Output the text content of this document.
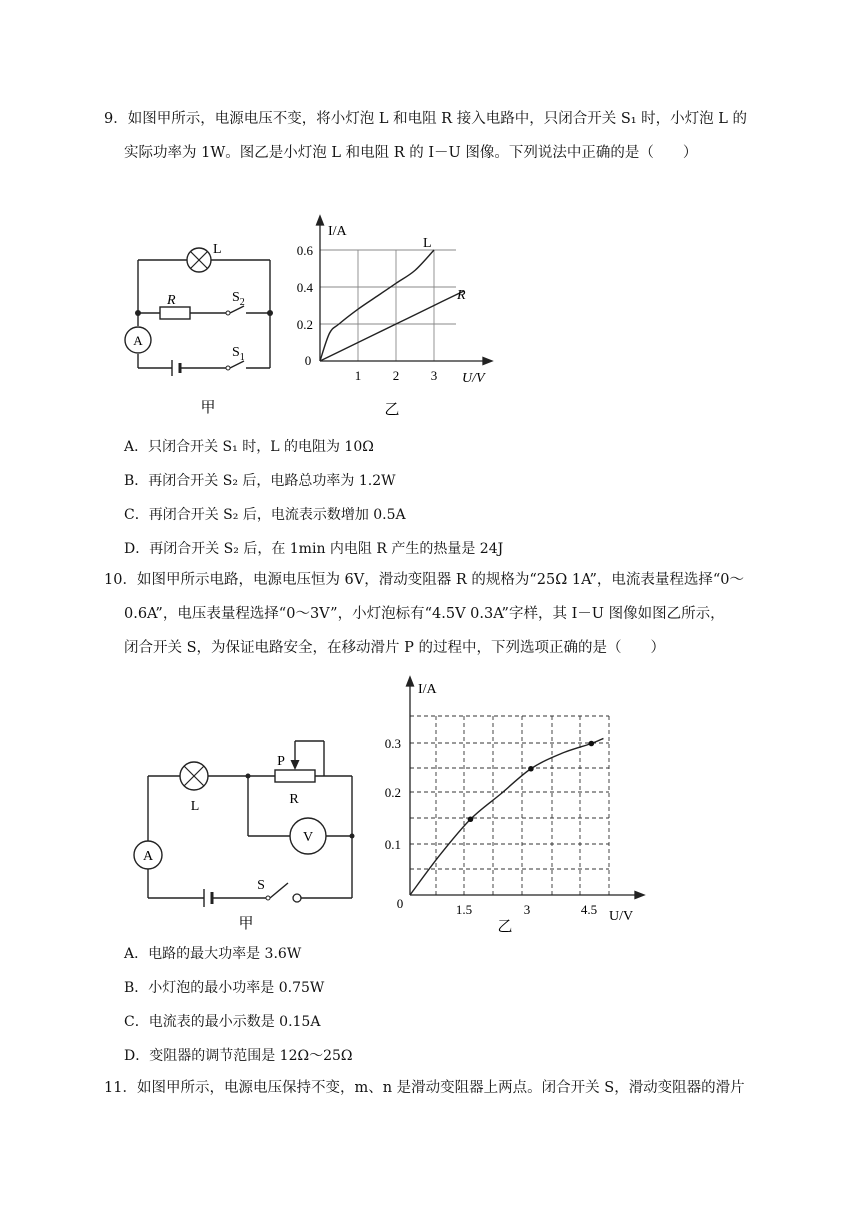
9．如图甲所示，电源电压不变，将小灯泡 L 和电阻 R 接入电路中，只闭合开关 S₁ 时，小灯泡 L 的
实际功率为 1W。图乙是小灯泡 L 和电阻 R 的 I－U 图像。下列说法中正确的是（　　）
A
L
R	$S_2$
$S_1$
甲
I/A
U/V
0
0.6
0.4
0.2
1 2 3
L
R
乙
A．只闭合开关 S₁ 时，L 的电阻为 10Ω
B．再闭合开关 S₂ 后，电路总功率为 1.2W
C．再闭合开关 S₂ 后，电流表示数增加 0.5A
D．再闭合开关 S₂ 后，在 1min 内电阻 R 产生的热量是 24J
10．如图甲所示电路，电源电压恒为 6V，滑动变阻器 R 的规格为“25Ω 1A”，电流表量程选择“0～
0.6A”，电压表量程选择“0～3V”，小灯泡标有“4.5V 0.3A”字样，其 I－U 图像如图乙所示，
闭合开关 S，为保证电路安全，在移动滑片 P 的过程中，下列选项正确的是（　　）
V
A
L
P
R
S
甲
I/A
U/V
0
0.3
0.2
0.1
1.5	3	4.5
乙
A．电路的最大功率是 3.6W
B．小灯泡的最小功率是 0.75W
C．电流表的最小示数是 0.15A
D．变阻器的调节范围是 12Ω～25Ω
11．如图甲所示，电源电压保持不变，m、n 是滑动变阻器上两点。闭合开关 S，滑动变阻器的滑片
